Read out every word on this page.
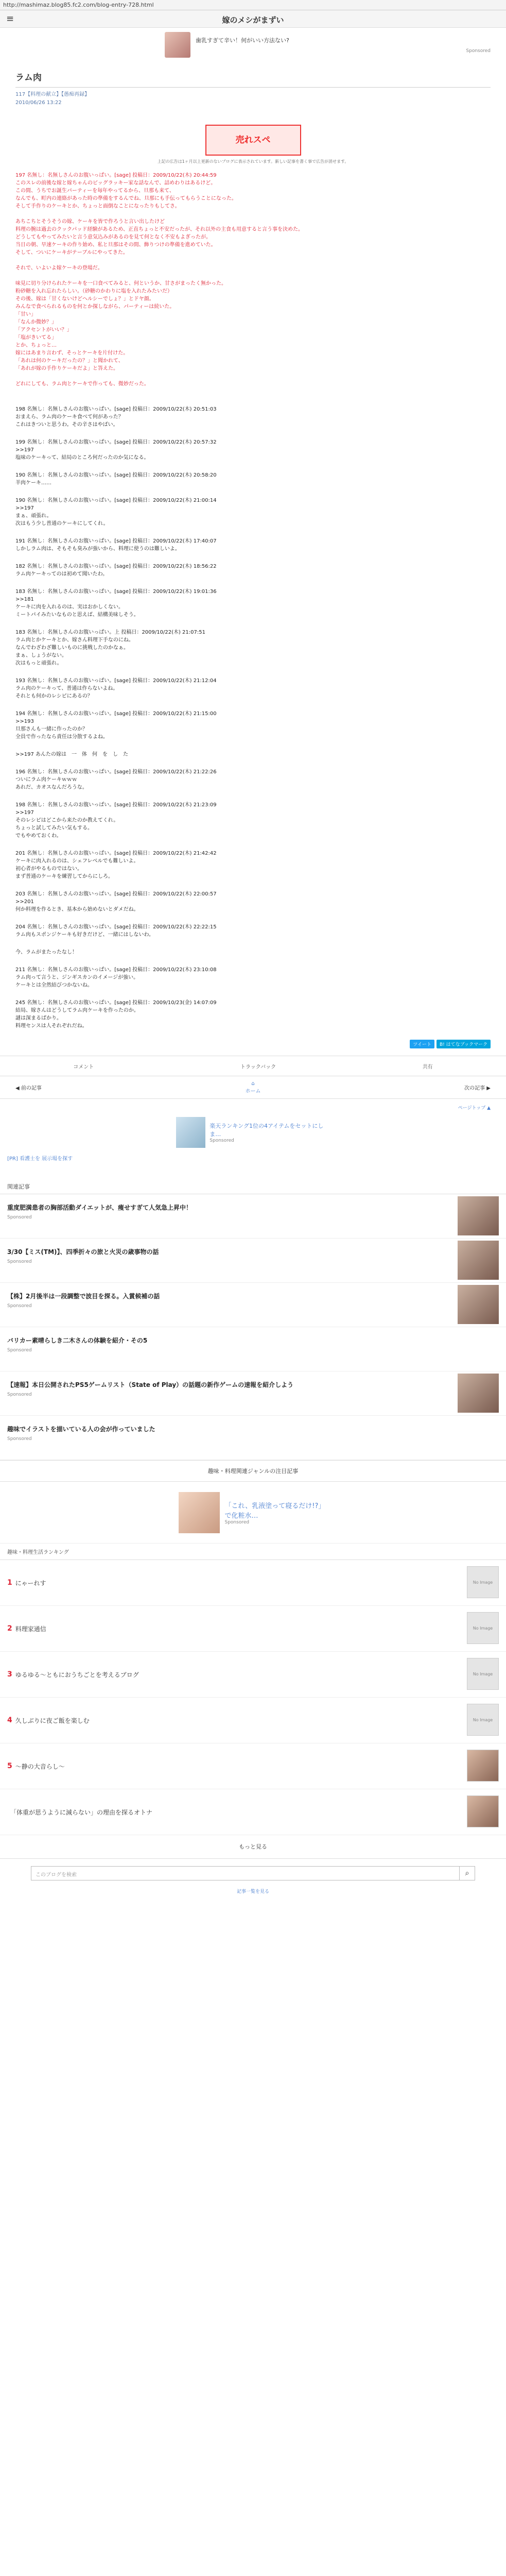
http://mashimaz.blog85.fc2.com/blog-entry-728.html
≡	嫁のメシがまずい
歯乳すぎて辛い！何がいい方法ない?
Sponsored
ラム肉
117【料理の献立】【愚痴再録】
2010/06/26 13:22
売れスペ
上記の広告は1ヶ月以上更新のないブログに表示されています。新しい記事を書く事で広告が消せます。

197 名無し：名無しさんのお腹いっぱい。[sage] 投稿日：2009/10/22(木) 20:44:59

このスレの前後な嫁と嫁ちゃんのビッグラッキー家な話なんで、詰めわりはあるけど。

この間、うちでお誕生パーティーを毎年やってるから、旦那も来て、

なんでも、町内の連絡があった時の準備をするんでね、旦那にも手伝ってもらうことになった。

そして手作りのケーキとか、ちょっと面倒なことになったりもしてさ。

あちこちとそうそうの嫁、ケーキを皆で作ろうと言い出したけど

料理の腕は過去のクックパッド経験があるため、正直ちょっと不安だったが、それ以外の主食も用意すると言う事を決めた。

どうしてもやってみたいと言う意気込みがあるのを見て何となく不安もよぎったが。

当日の朝、早速ケーキの作り始め、私と旦那はその間、飾りつけの準備を進めていた。

そして、ついにケーキがテーブルにやってきた。

それで、いよいよ嫁ケーキの登場だ。

味見に切り分けられたケーキを一口食べてみると、何というか、甘さがまったく無かった。

粉砂糖を入れ忘れたらしい。（砂糖のかわりに塩を入れたみたいだ）

その後、嫁は「甘くないけどヘルシーでしょ？」とドヤ顔。

みんなで食べられるものを何とか探しながら、パーティーは続いた。

「甘い」

「なんか微妙？」

「アクセントがいい？」

「塩がきいてる」

とか、ちょっと…

嫁にはあまり言わず、そっとケーキを片付けた。

「あれは何のケーキだったの？」と聞かれて、

「あれが嫁の手作りケーキだよ」と答えた。

どれにしても、ラム肉とケーキで作っても、微妙だった。

198 名無し：名無しさんのお腹いっぱい。[sage] 投稿日：2009/10/22(木) 20:51:03
おまえら、ラム肉のケーキ食べて何があった？
これはきついと思うわ。その辛さはやばい。
199 名無し：名無しさんのお腹いっぱい。[sage] 投稿日：2009/10/22(木) 20:57:32
>>197
塩味のケーキって、結局のところ何だったのか気になる。
190 名無し：名無しさんのお腹いっぱい。[sage] 投稿日：2009/10/22(木) 20:58:20
羊肉ケーキ……
190 名無し：名無しさんのお腹いっぱい。[sage] 投稿日：2009/10/22(木) 21:00:14
>>197
まぁ、頑張れ。
次はもう少し普通のケーキにしてくれ。
191 名無し：名無しさんのお腹いっぱい。[sage] 投稿日：2009/10/22(木) 17:40:07
しかしラム肉は、そもそも臭みが強いから、料理に使うのは難しいよ。
182 名無し：名無しさんのお腹いっぱい。[sage] 投稿日：2009/10/22(木) 18:56:22
ラム肉ケーキってのは初めて聞いたわ。
183 名無し：名無しさんのお腹いっぱい。[sage] 投稿日：2009/10/22(木) 19:01:36
>>181
ケーキに肉を入れるのは、実はおかしくない。
ミートパイみたいなものと思えば、結構美味しそう。
183 名無し：名無しさんのお腹いっぱい。上 投稿日：2009/10/22(木) 21:07:51
ラム肉とかケーキとか、嫁さん料理下手なのにね。
なんでわざわざ難しいものに挑戦したのかなぁ。
まぁ、しょうがない。
次はもっと頑張れ。
193 名無し：名無しさんのお腹いっぱい。[sage] 投稿日：2009/10/22(木) 21:12:04
ラム肉のケーキって、普通は作らないよね。
それとも何かのレシピにあるの？
194 名無し：名無しさんのお腹いっぱい。[sage] 投稿日：2009/10/22(木) 21:15:00
>>193
旦那さんも一緒に作ったのか？
全員で作ったなら責任は分散するよね。
>>197 あんたの嫁は　一　体　何　を　し　た
196 名無し：名無しさんのお腹いっぱい。[sage] 投稿日：2009/10/22(木) 21:22:26
ついにラム肉ケーキｗｗｗ
あれだ、カオスなんだろうな。
198 名無し：名無しさんのお腹いっぱい。[sage] 投稿日：2009/10/22(木) 21:23:09
>>197
そのレシピはどこから来たのか教えてくれ。
ちょっと試してみたい気もする。
でもやめておくわ。
201 名無し：名無しさんのお腹いっぱい。[sage] 投稿日：2009/10/22(木) 21:42:42
ケーキに肉入れるのは、シェフレベルでも難しいよ。
初心者がやるものではない。
まず普通のケーキを練習してからにしろ。
203 名無し：名無しさんのお腹いっぱい。[sage] 投稿日：2009/10/22(木) 22:00:57
>>201
何か料理を作るとき、基本から始めないとダメだね。
204 名無し：名無しさんのお腹いっぱい。[sage] 投稿日：2009/10/22(木) 22:22:15
ラム肉もスポンジケーキも好きだけど、一緒にはしないわ。
今、ラムがまたったなし！
211 名無し：名無しさんのお腹いっぱい。[sage] 投稿日：2009/10/22(木) 23:10:08
ラム肉って言うと、ジンギスカンのイメージが強い。
ケーキとは全然結びつかないね。
245 名無し：名無しさんのお腹いっぱい。[sage] 投稿日：2009/10/23(金) 14:07:09
結局、嫁さんはどうしてラム肉ケーキを作ったのか。
謎は深まるばかり。
料理センスは人それぞれだね。
ツイート	B! はてなブックマーク
コメント	トラックバック	共有
◀ 前の記事
⌂
ホーム	次の記事 ▶
ページトップ ▲
楽天ランキング1位の4アイテムをセットにしま…
Sponsored
[PR] 看護士を 展示場を探す
関連記事
重度肥満患者の胸部活動ダイエットが、痩せすぎて人気急上昇中！
Sponsored
3/30【ミス(TM)】、四季折々の旅と火災の歳事物の話
Sponsored
【株】2月後半は一段調整で波目を探る。入賞候補の話
Sponsored
バリカー素晴らしき二木さんの体験を紹介・その5
Sponsored
【速報】本日公開されたPS5ゲームリスト（State of Play）の話題の新作ゲームの速報を紹介しよう
Sponsored
趣味でイラストを描いている人の会が作っていました
Sponsored
趣味・料理関連ジャンルの注目記事
「これ、乳液塗って寝るだけ!?」で化粧水…
Sponsored
趣味・料理生活ランキング
1 にゃーれす	No Image
2 料理家通信	No Image
3 ゆるゆる～ともにおうちごとを考えるブログ	No Image
4 久しぶりに夜ご飯を楽しむ	No Image
5 ～静の大音らし～
「体重が思うように減らない」の理由を探るオトナ
もっと見る
このブログを検索	⌕
記事一覧を見る
